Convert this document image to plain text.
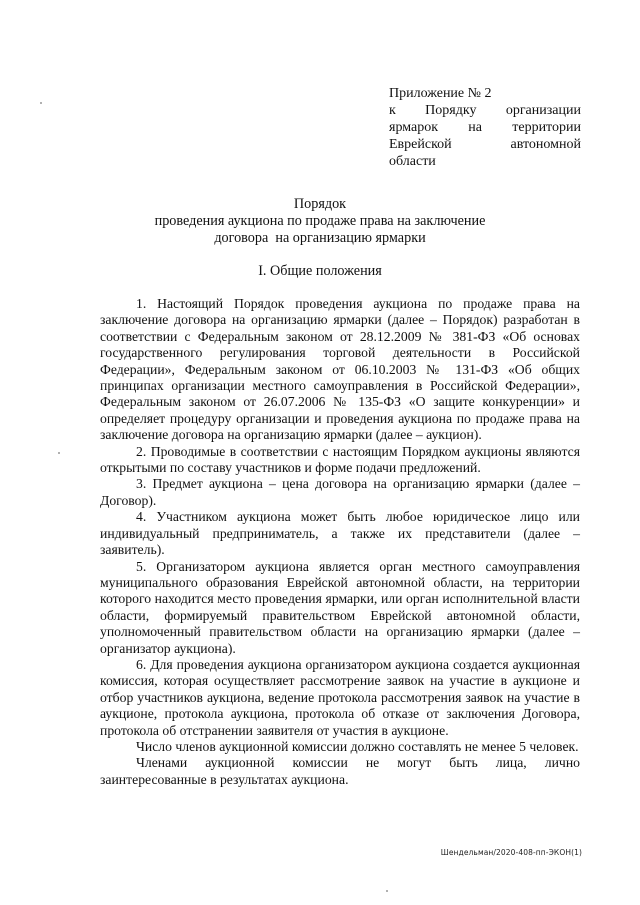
Приложение № 2
к Порядку организации
ярмарок на территории
Еврейской	автономной
области
Порядок
проведения аукциона по продаже права на заключение
договора  на организацию ярмарки
I. Общие положения

1. Настоящий Порядок проведения аукциона по продаже права на заключение договора на организацию ярмарки (далее – Порядок) разработан в соответствии с Федеральным законом от 28.12.2009 № 381-ФЗ «Об основах государственного регулирования торговой деятельности в Российской Федерации», Федеральным законом от 06.10.2003 № 131-ФЗ «Об общих принципах организации местного самоуправления в Российской Федерации», Федеральным законом от 26.07.2006 № 135-ФЗ «О защите конкуренции» и определяет процедуру организации и проведения аукциона по продаже права на заключение договора на организацию ярмарки (далее – аукцион).

2. Проводимые в соответствии с настоящим Порядком аукционы являются открытыми по составу участников и форме подачи предложений.

3. Предмет аукциона – цена договора на организацию ярмарки (далее – Договор).

4. Участником аукциона может быть любое юридическое лицо или индивидуальный предприниматель, а также их представители (далее – заявитель).

5. Организатором аукциона является орган местного самоуправления муниципального образования Еврейской автономной области, на территории которого находится место проведения ярмарки, или орган исполнительной власти области, формируемый правительством Еврейской автономной области, уполномоченный правительством области на организацию ярмарки (далее – организатор аукциона).

6. Для проведения аукциона организатором аукциона создается аукционная комиссия, которая осуществляет рассмотрение заявок на участие в аукционе и отбор участников аукциона, ведение протокола рассмотрения заявок на участие в аукционе, протокола аукциона, протокола об отказе от заключения Договора, протокола об отстранении заявителя от участия в аукционе.

Число членов аукционной комиссии должно составлять не менее 5 человек.

Членами аукционной комиссии не могут быть лица, лично заинтересованные в результатах аукциона.

Шендельман/2020-408-пп-ЭКОН(1)
